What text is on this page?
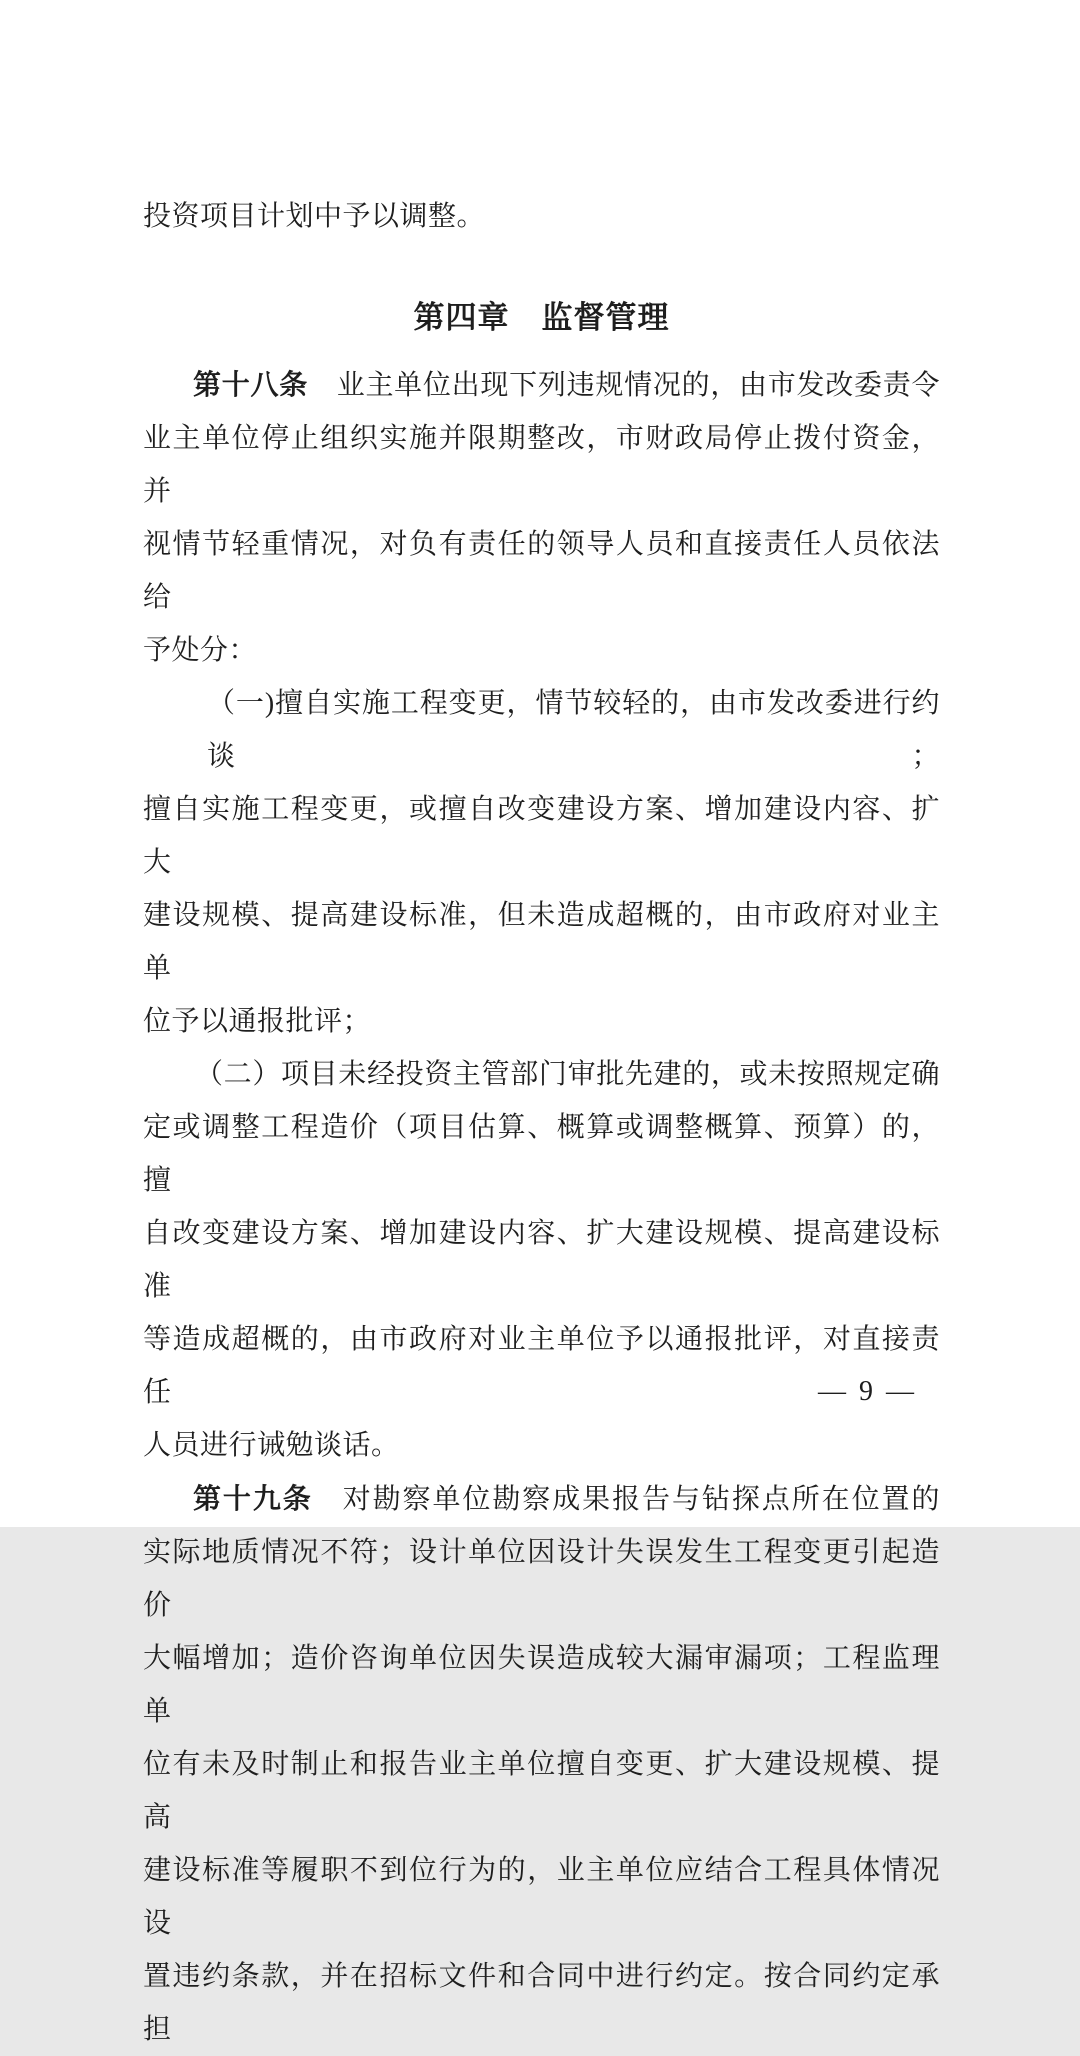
投资项目计划中予以调整。
第四章　监督管理
第十八条　业主单位出现下列违规情况的，由市发改委责令
业主单位停止组织实施并限期整改，市财政局停止拨付资金，并
视情节轻重情况，对负有责任的领导人员和直接责任人员依法给
予处分：
（一)擅自实施工程变更，情节较轻的，由市发改委进行约谈；
擅自实施工程变更，或擅自改变建设方案、增加建设内容、扩大
建设规模、提高建设标准，但未造成超概的，由市政府对业主单
位予以通报批评；
（二）项目未经投资主管部门审批先建的，或未按照规定确
定或调整工程造价（项目估算、概算或调整概算、预算）的，擅
自改变建设方案、增加建设内容、扩大建设规模、提高建设标准
等造成超概的，由市政府对业主单位予以通报批评，对直接责任
人员进行诫勉谈话。
第十九条　对勘察单位勘察成果报告与钻探点所在位置的
实际地质情况不符；设计单位因设计失误发生工程变更引起造价
大幅增加；造价咨询单位因失误造成较大漏审漏项；工程监理单
位有未及时制止和报告业主单位擅自变更、扩大建设规模、提高
建设标准等履职不到位行为的，业主单位应结合工程具体情况设
置违约条款，并在招标文件和合同中进行约定。按合同约定承担
— 9 —
